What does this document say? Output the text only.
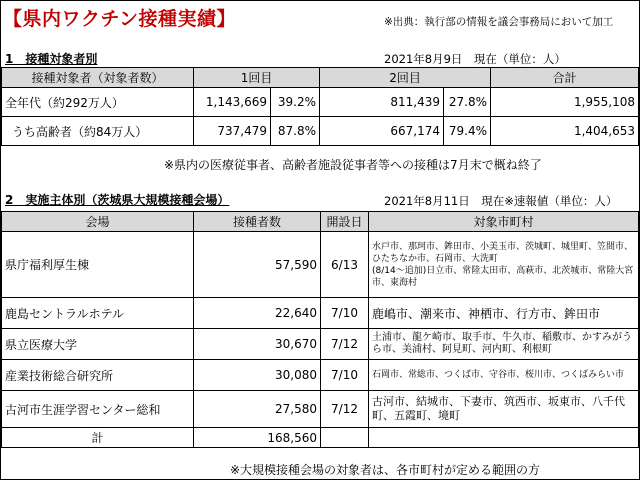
【県内ワクチン接種実績】	※出典：執行部の情報を議会事務局において加工
1　接種対象者別	2021年8月9日　現在（単位：人）
接種対象者（対象者数）	1回目		2回目		合計
全年代（約292万人）	1,143,669	39.2%	811,439	27.8%	1,955,108
うち高齢者（約84万人）	737,479	87.8%	667,174	79.4%	1,404,653
※県内の医療従事者、高齢者施設従事者等への接種は7月末で概ね終了
2　実施主体別（茨城県大規模接種会場）	2021年8月11日　現在※速報値（単位：人）
会場	接種者数	開設日	対象市町村
県庁福利厚生棟	57,590	6/13	水戸市、那珂市、鉾田市、小美玉市、茨城町、城里町、笠間市、ひたちなか市、石岡市、大洗町
(8/14～追加)日立市、常陸太田市、高萩市、北茨城市、常陸大宮市、東海村
鹿島セントラルホテル	22,640	7/10	鹿嶋市、潮来市、神栖市、行方市、鉾田市
県立医療大学	30,670	7/12	土浦市、龍ケ崎市、取手市、牛久市、稲敷市、かすみがうら市、美浦村、阿見町、河内町、利根町
産業技術総合研究所	30,080	7/10	石岡市、常総市、つくば市、守谷市、桜川市、つくばみらい市
古河市生涯学習センター総和	27,580	7/12	古河市、結城市、下妻市、筑西市、坂東市、八千代町、五霞町、境町
計	168,560		
※大規模接種会場の対象者は、各市町村が定める範囲の方
